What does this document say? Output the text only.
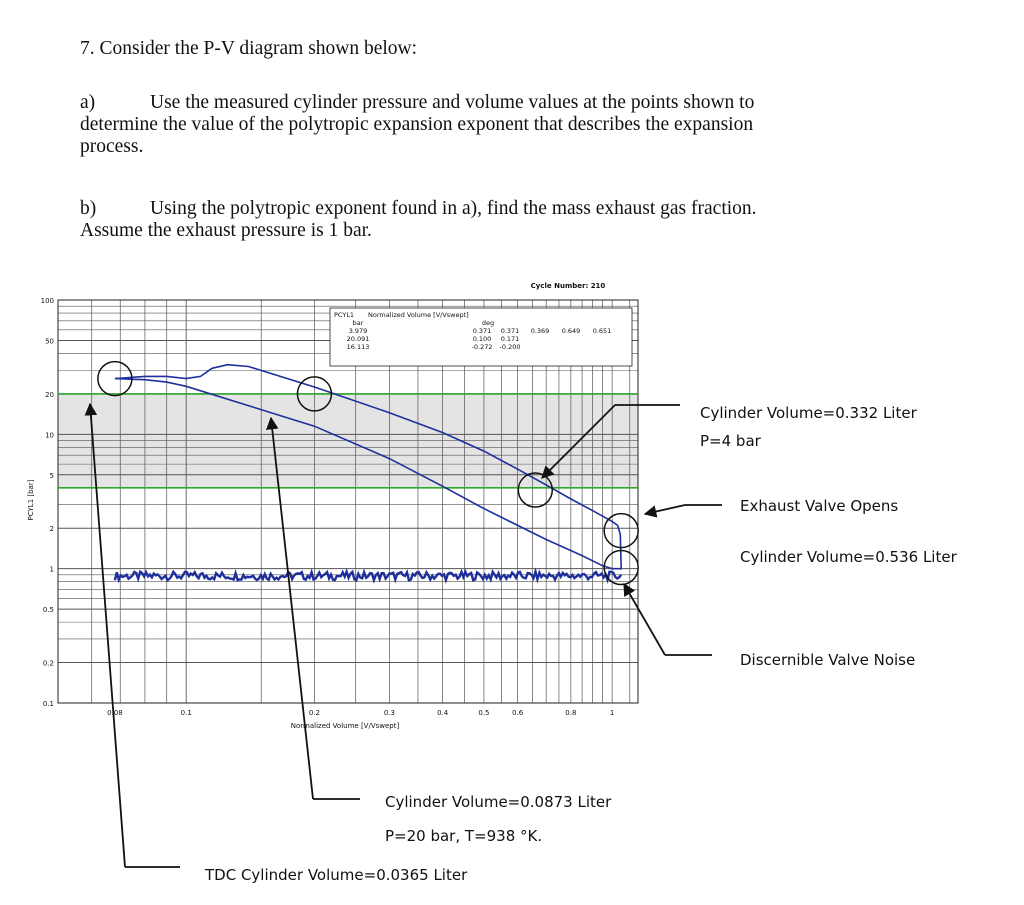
7. Consider the P-V diagram shown below:
a)	Use the measured cylinder pressure and volume values at the points shown to
determine the value of the polytropic expansion exponent that describes the expansion
process.
b)	Using the polytropic exponent found in a), find the mass exhaust gas fraction.
Assume the exhaust pressure is 1 bar.
0.1
0.2
0.5
1
2
5
10
20
50
100
0.08	0.1	0.2	0.3	0.4	0.5	0.6	0.8	1
Normalized Volume [V/Vswept]
PCYL1 [bar]
Cycle Number: 210
PCYL1 Normalized Volume [V/Vswept]
bar	deg
3.979	0.371 0.371 0.369 0.649 0.651
20.091	0.100 0.171
16.113	-0.272 -0.200
Cylinder Volume=0.332 Liter
P=4 bar
Exhaust Valve Opens
Cylinder Volume=0.536 Liter
Discernible Valve Noise
Cylinder Volume=0.0873 Liter
P=20 bar, T=938 °K.
TDC Cylinder Volume=0.0365 Liter
